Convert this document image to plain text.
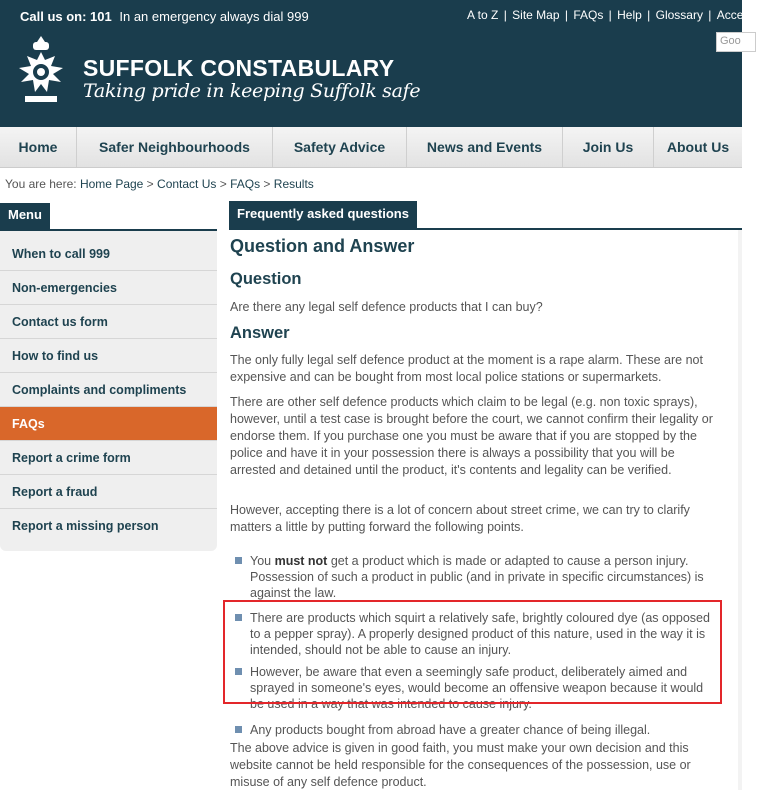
Call us on: 101 In an emergency always dial 999	A to Z | Site Map | FAQs | Help | Glossary | Accessib
Goo
SUFFOLK CONSTABULARY
Taking pride in keeping Suffolk safe
Home	Safer Neighbourhoods	Safety Advice	News and Events	Join Us	About Us
You are here: Home Page > Contact Us > FAQs > Results
Menu
When to call 999
Non-emergencies
Contact us form
How to find us
Complaints and compliments
FAQs
Report a crime form
Report a fraud
Report a missing person
Frequently asked questions
Question and Answer
Question
Are there any legal self defence products that I can buy?
Answer
The only fully legal self defence product at the moment is a rape alarm. These are not expensive and can be bought from most local police stations or supermarkets.
There are other self defence products which claim to be legal (e.g. non toxic sprays), however, until a test case is brought before the court, we cannot confirm their legality or endorse them. If you purchase one you must be aware that if you are stopped by the police and have it in your possession there is always a possibility that you will be arrested and detained until the product, it's contents and legality can be verified.
However, accepting there is a lot of concern about street crime, we can try to clarify matters a little by putting forward the following points.
You must not get a product which is made or adapted to cause a person injury. Possession of such a product in public (and in private in specific circumstances) is against the law.
There are products which squirt a relatively safe, brightly coloured dye (as opposed to a pepper spray). A properly designed product of this nature, used in the way it is intended, should not be able to cause an injury.
However, be aware that even a seemingly safe product, deliberately aimed and sprayed in someone's eyes, would become an offensive weapon because it would be used in a way that was intended to cause injury.
Any products bought from abroad have a greater chance of being illegal.
The above advice is given in good faith, you must make your own decision and this website cannot be held responsible for the consequences of the possession, use or misuse of any self defence product.
